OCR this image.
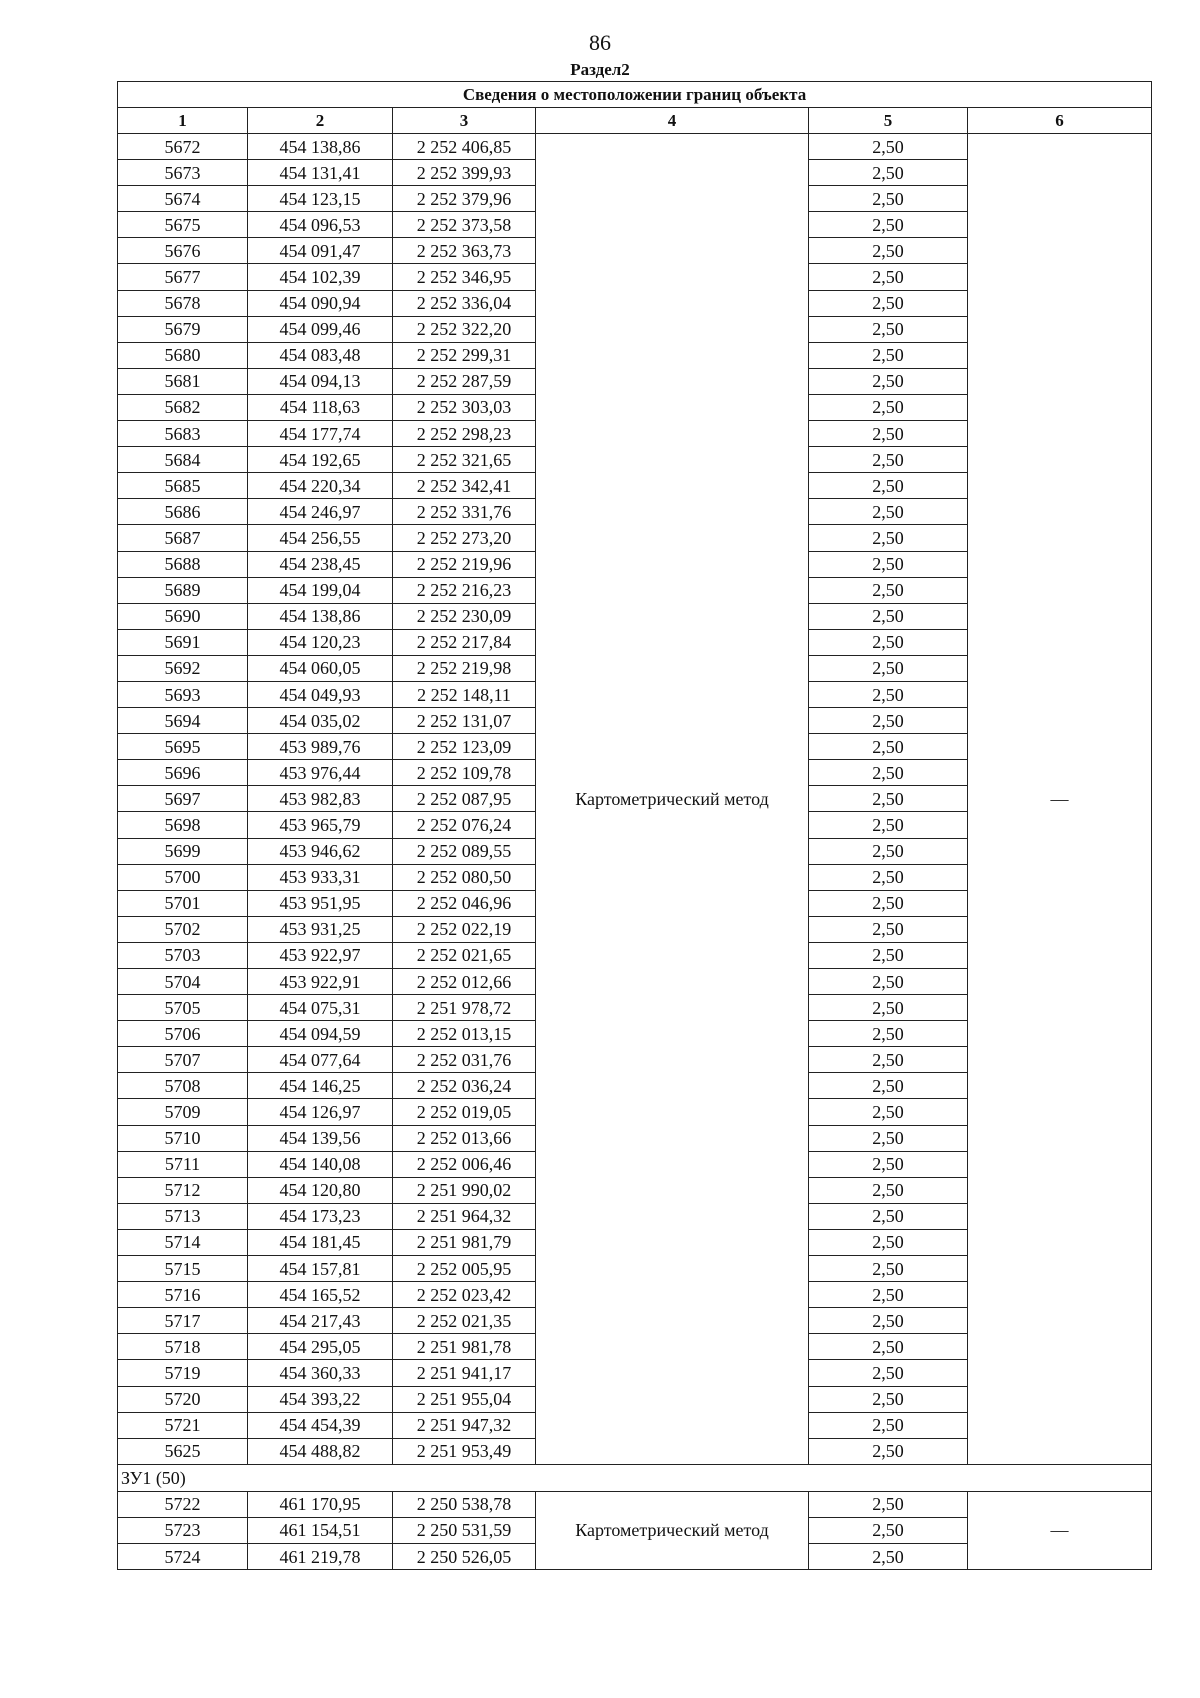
86
Раздел2
Сведения о местоположении границ объекта					
1	2	3	4	5	6
5672	454 138,86	2 252 406,85	Картометрический метод	2,50	—
5673	454 131,41	2 252 399,93		2,50	
5674	454 123,15	2 252 379,96		2,50	
5675	454 096,53	2 252 373,58		2,50	
5676	454 091,47	2 252 363,73		2,50	
5677	454 102,39	2 252 346,95		2,50	
5678	454 090,94	2 252 336,04		2,50	
5679	454 099,46	2 252 322,20		2,50	
5680	454 083,48	2 252 299,31		2,50	
5681	454 094,13	2 252 287,59		2,50	
5682	454 118,63	2 252 303,03		2,50	
5683	454 177,74	2 252 298,23		2,50	
5684	454 192,65	2 252 321,65		2,50	
5685	454 220,34	2 252 342,41		2,50	
5686	454 246,97	2 252 331,76		2,50	
5687	454 256,55	2 252 273,20		2,50	
5688	454 238,45	2 252 219,96		2,50	
5689	454 199,04	2 252 216,23		2,50	
5690	454 138,86	2 252 230,09		2,50	
5691	454 120,23	2 252 217,84		2,50	
5692	454 060,05	2 252 219,98		2,50	
5693	454 049,93	2 252 148,11		2,50	
5694	454 035,02	2 252 131,07		2,50	
5695	453 989,76	2 252 123,09		2,50	
5696	453 976,44	2 252 109,78		2,50	
5697	453 982,83	2 252 087,95		2,50	
5698	453 965,79	2 252 076,24		2,50	
5699	453 946,62	2 252 089,55		2,50	
5700	453 933,31	2 252 080,50		2,50	
5701	453 951,95	2 252 046,96		2,50	
5702	453 931,25	2 252 022,19		2,50	
5703	453 922,97	2 252 021,65		2,50	
5704	453 922,91	2 252 012,66		2,50	
5705	454 075,31	2 251 978,72		2,50	
5706	454 094,59	2 252 013,15		2,50	
5707	454 077,64	2 252 031,76		2,50	
5708	454 146,25	2 252 036,24		2,50	
5709	454 126,97	2 252 019,05		2,50	
5710	454 139,56	2 252 013,66		2,50	
5711	454 140,08	2 252 006,46		2,50	
5712	454 120,80	2 251 990,02		2,50	
5713	454 173,23	2 251 964,32		2,50	
5714	454 181,45	2 251 981,79		2,50	
5715	454 157,81	2 252 005,95		2,50	
5716	454 165,52	2 252 023,42		2,50	
5717	454 217,43	2 252 021,35		2,50	
5718	454 295,05	2 251 981,78		2,50	
5719	454 360,33	2 251 941,17		2,50	
5720	454 393,22	2 251 955,04		2,50	
5721	454 454,39	2 251 947,32		2,50	
5625	454 488,82	2 251 953,49		2,50	
ЗУ1 (50)					
5722	461 170,95	2 250 538,78	Картометрический метод	2,50	—
5723	461 154,51	2 250 531,59		2,50	
5724	461 219,78	2 250 526,05		2,50	
